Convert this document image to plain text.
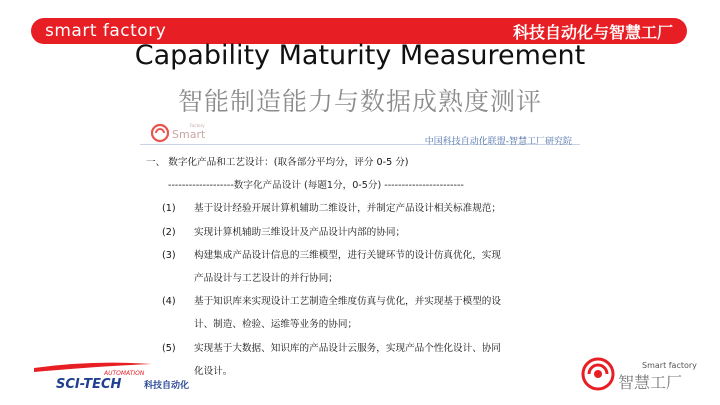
smart factory	科技自动化与智慧工厂
Capability Maturity Measurement
智能制造能力与数据成熟度测评
Factory
Smart
中国科技自动化联盟-智慧工厂研究院
一、 数字化产品和工艺设计：(取各部分平均分，评分 0-5 分)
-------------------数字化产品设计 (每题1分，0-5分) -----------------------
(1) 基于设计经验开展计算机辅助二维设计，并制定产品设计相关标准规范；
(2) 实现计算机辅助三维设计及产品设计内部的协同；
(3) 构建集成产品设计信息的三维模型，进行关键环节的设计仿真优化，实现
产品设计与工艺设计的并行协同；
(4) 基于知识库来实现设计工艺制造全维度仿真与优化，并实现基于模型的设
计、制造、检验、运维等业务的协同；
(5) 实现基于大数据、知识库的产品设计云服务，实现产品个性化设计、协同
化设计。
AUTOMATION
SCI-TECH	科技自动化
Smart factory
智慧工厂
